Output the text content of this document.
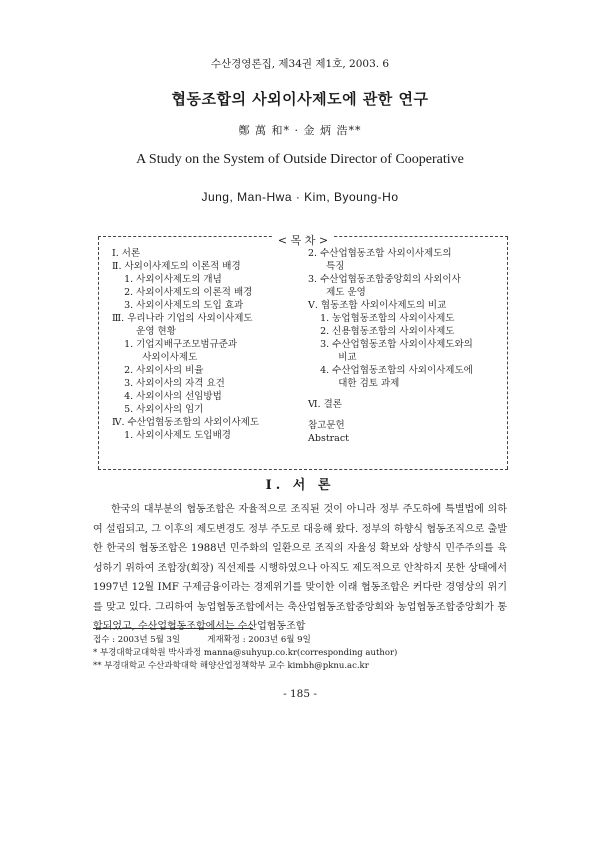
수산경영론집, 제34권 제1호, 2003. 6
협동조합의 사외이사제도에 관한 연구
鄭 萬 和* · 金 炳 浩**
A Study on the System of Outside Director of Cooperative
Jung, Man-Hwa · Kim, Byoung-Ho
< 목 차 >
Ⅰ. 서론
Ⅱ. 사외이사제도의 이론적 배경
1. 사외이사제도의 개념
2. 사외이사제도의 이론적 배경
3. 사외이사제도의 도입 효과
Ⅲ. 우리나라 기업의 사외이사제도
운영 현황
1. 기업지배구조모범규준과
사외이사제도
2. 사외이사의 비율
3. 사외이사의 자격 요건
4. 사외이사의 선임방법
5. 사외이사의 임기
Ⅳ. 수산업협동조합의 사외이사제도
1. 사외이사제도 도입배경
2. 수산업협동조합 사외이사제도의
특징
3. 수산업협동조합중앙회의 사외이사
제도 운영
Ⅴ. 협동조합 사외이사제도의 비교
1. 농업협동조합의 사외이사제도
2. 신용협동조합의 사외이사제도
3. 수산업협동조합 사외이사제도와의
비교
4. 수산업협동조합의 사외이사제도에
대한 검토 과제
Ⅵ. 결론
참고문헌
Abstract
Ⅰ. 서 론

한국의 대부분의 협동조합은 자율적으로 조직된 것이 아니라 정부 주도하에 특별법에 의하여 설립되고, 그 이후의 제도변경도 정부 주도로 대응해 왔다. 정부의 하향식 협동조직으로 출발한 한국의 협동조합은 1988년 민주화의 일환으로 조직의 자율성 확보와 상향식 민주주의를 육성하기 위하여 조합장(회장) 직선제를 시행하였으나 아직도 제도적으로 안착하지 못한 상태에서 1997년 12월 IMF 구제금융이라는 경제위기를 맞이한 이래 협동조합은 커다란 경영상의 위기를 맞고 있다. 그리하여 농업협동조합에서는 축산업협동조합중앙회와 농업협동조합중앙회가 통합되었고, 수산업협동조합에서는 수산업협동조합

접수 : 2003년 5월 3일          게재확정 : 2003년 6월 9일
* 부경대학교대학원 박사과정 manna@suhyup.co.kr(corresponding author)
** 부경대학교 수산과학대학 해양산업정책학부 교수 kimbh@pknu.ac.kr
- 185 -
